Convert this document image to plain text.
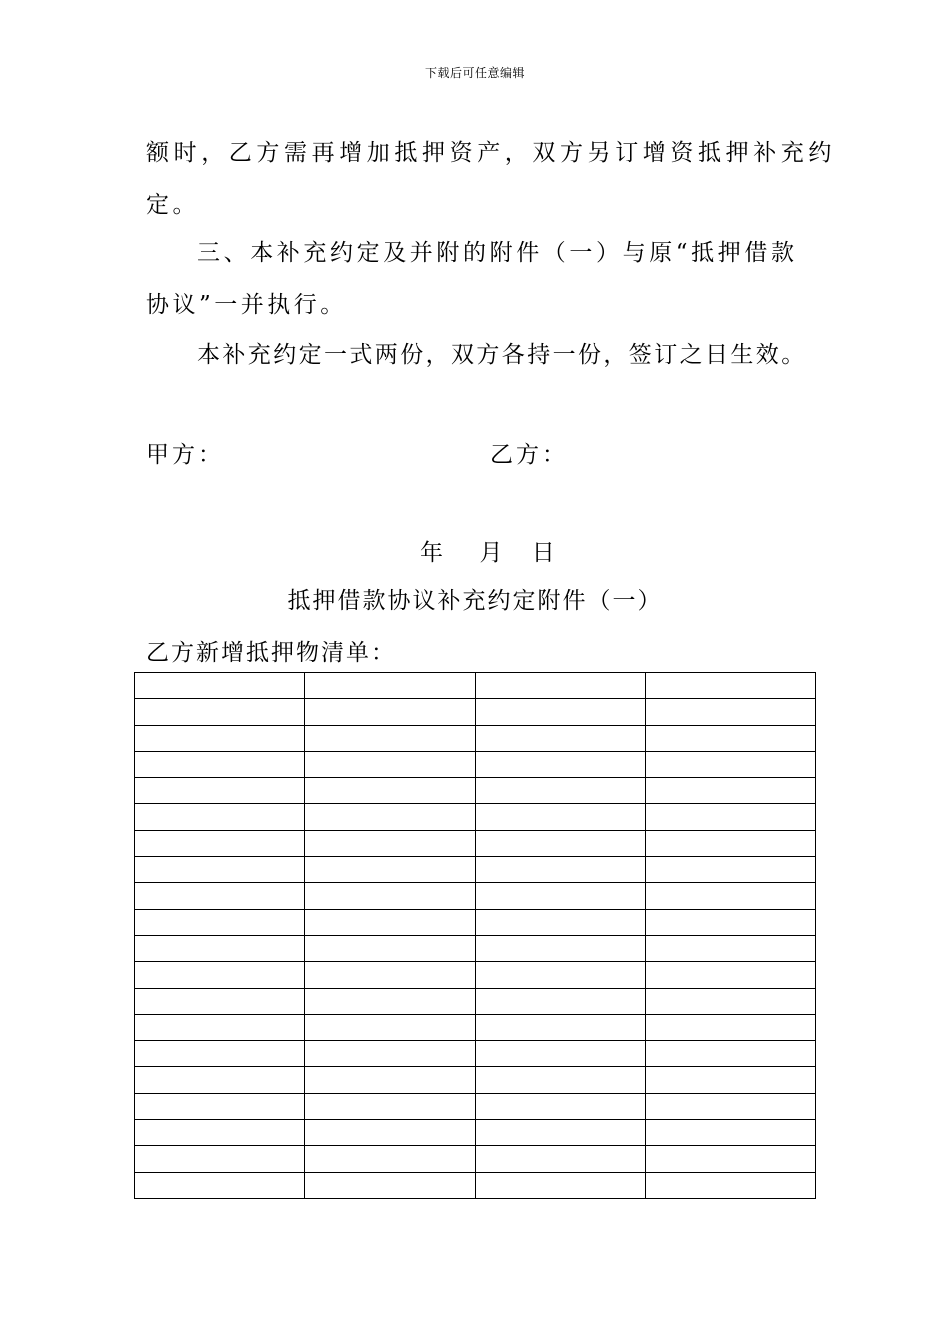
下载后可任意编辑
额时，乙方需再增加抵押资产，双方另订增资抵押补充约
定。
三、本补充约定及并附的附件（一）与原“抵押借款
协议”一并执行。
本补充约定一式两份，双方各持一份，签订之日生效。
甲方：	乙方：
年     月    日
抵押借款协议补充约定附件（一）
乙方新增抵押物清单：
